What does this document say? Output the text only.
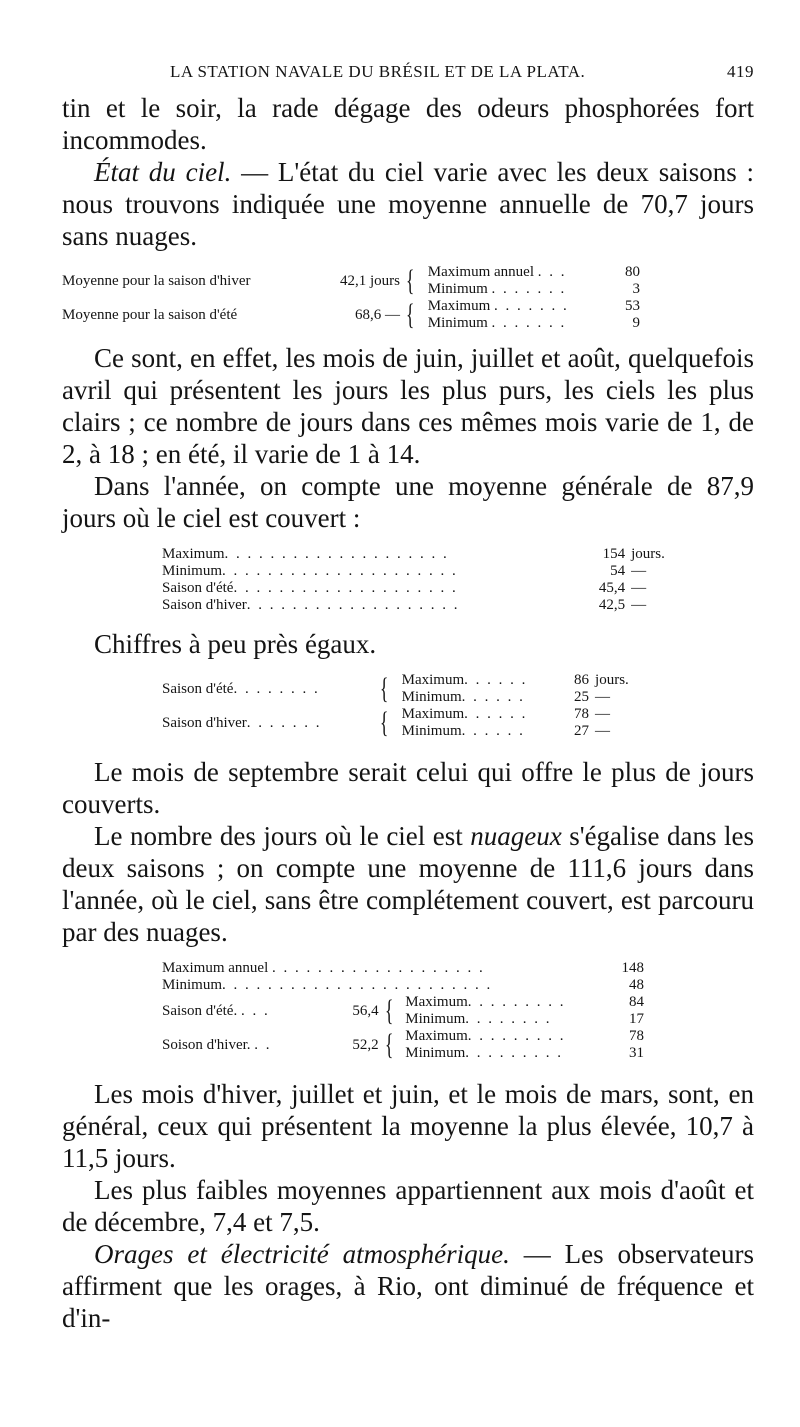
LA STATION NAVALE DU BRÉSIL ET DE LA PLATA.	419

tin et le soir, la rade dégage des odeurs phosphorées fort incommodes.

État du ciel. — L'état du ciel varie avec les deux saisons : nous trouvons indiquée une moyenne annuelle de 70,7 jours sans nuages.

Moyenne pour la saison d'hiver	42,1 jours	{	Maximum annuel . . .	80
			Minimum . . . . . . .	3
Moyenne pour la saison d'été	68,6 —	{	Maximum . . . . . . .	53
			Minimum . . . . . . .	9

Ce sont, en effet, les mois de juin, juillet et août, quelquefois avril qui présentent les jours les plus purs, les ciels les plus clairs ; ce nombre de jours dans ces mêmes mois varie de 1, de 2, à 18 ; en été, il varie de 1 à 14.

Dans l'année, on compte une moyenne générale de 87,9 jours où le ciel est couvert :

Maximum. . . . . . . . . . . . . . . . . . . .	154	jours.
Minimum. . . . . . . . . . . . . . . . . . . . .	54	—
Saison d'été. . . . . . . . . . . . . . . . . . . .	45,4	—
Saison d'hiver. . . . . . . . . . . . . . . . . . .	42,5	—

Chiffres à peu près égaux.

Saison d'été. . . . . . . .	{	Maximum. . . . . .	86	jours.
		Minimum. . . . . .	25	—
Saison d'hiver. . . . . . .	{	Maximum. . . . . .	78	—
		Minimum. . . . . .	27	—

Le mois de septembre serait celui qui offre le plus de jours couverts.

Le nombre des jours où le ciel est nuageux s'égalise dans les deux saisons ; on compte une moyenne de 111,6 jours dans l'année, où le ciel, sans être complétement couvert, est parcouru par des nuages.

Maximum annuel . . . . . . . . . . . . . . . . . . .				148
Minimum. . . . . . . . . . . . . . . . . . . . . . . .				48
Saison d'été. . . .	56,4	{	Maximum. . . . . . . . .	84
			Minimum. . . . . . . .	17
Soison d'hiver. . .	52,2	{	Maximum. . . . . . . . .	78
			Minimum. . . . . . . . .	31

Les mois d'hiver, juillet et juin, et le mois de mars, sont, en général, ceux qui présentent la moyenne la plus élevée, 10,7 à 11,5 jours.

Les plus faibles moyennes appartiennent aux mois d'août et de décembre, 7,4 et 7,5.

Orages et électricité atmosphérique. — Les observateurs affirment que les orages, à Rio, ont diminué de fréquence et d'in-
